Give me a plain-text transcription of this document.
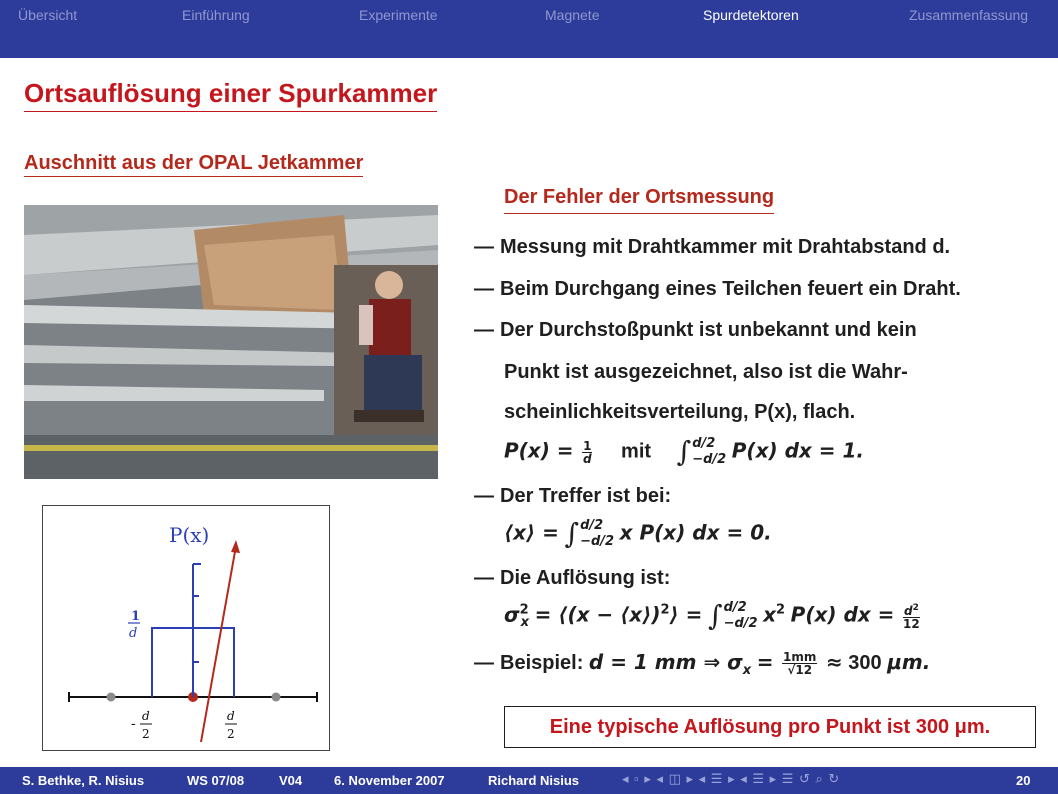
Übersicht	Einführung	Experimente	Magnete	Spurdetektoren	Zusammenfassung
Ortsauflösung einer Spurkammer
Auschnitt aus der OPAL Jetkammer
Der Fehler der Ortsmessung
P(x)
1
d
- d
2
d
2
— Messung mit Drahtkammer mit Drahtabstand d.
— Beim Durchgang eines Teilchen feuert ein Draht.
— Der Durchstoßpunkt ist unbekannt und kein
Punkt ist ausgezeichnet, also ist die Wahr-
scheinlichkeitsverteilung, P(x), flach.
$P(x) = \frac{1}{d}$ mit ∫ d/2
−d/2 P(x) dx = 1.
— Der Treffer ist bei:
⟨x⟩ = ∫ d/2
−d/2 x P(x) dx = 0.
— Die Auflösung ist:
$\sigma^2_x$ = ⟨(x − ⟨x⟩)$^2$⟩ = ∫ d/2
−d/2 $x^2$ P(x) dx = $\frac{d^2}{12}$
— Beispiel: d = 1 mm ⇒ $\sigma_x = \frac{1mm}{√12} \approx 300$ μm.
Eine typische Auflösung pro Punkt ist 300 μm.
S. Bethke, R. Nisius	WS 07/08	V04 6. November 2007	Richard Nisius	◂ ▫ ▸ ◂ ◫ ▸ ◂ ☰ ▸ ◂ ☰ ▸ ☰ ↺ ⌕ ↻	20
